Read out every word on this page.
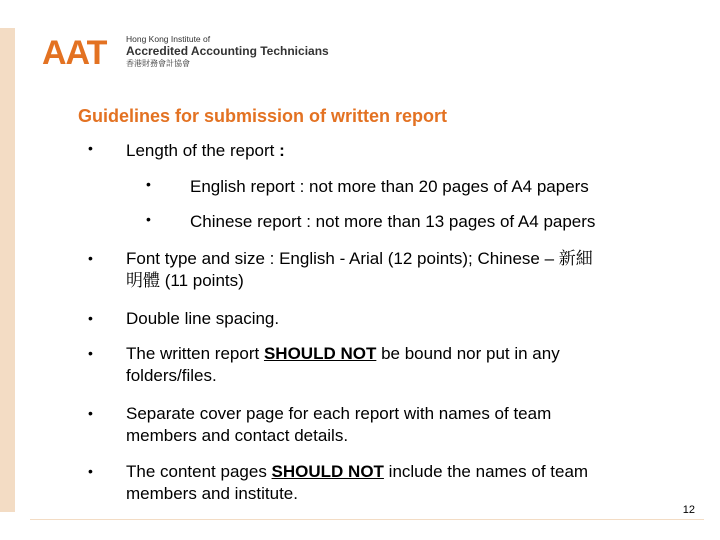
AAT Hong Kong Institute of
Accredited Accounting Technicians
香港財務會計協會
Guidelines for submission of written report
• Length of the report :
• English report : not more than 20 pages of A4 papers
• Chinese report : not more than 13 pages of A4 papers
• Font type and size : English - Arial (12 points); Chinese – 新細
明體 (11 points)
• Double line spacing.
• The written report SHOULD NOT be bound nor put in any
folders/files.
• Separate cover page for each report with names of team
members and contact details.
• The content pages SHOULD NOT include the names of team
members and institute.
12
